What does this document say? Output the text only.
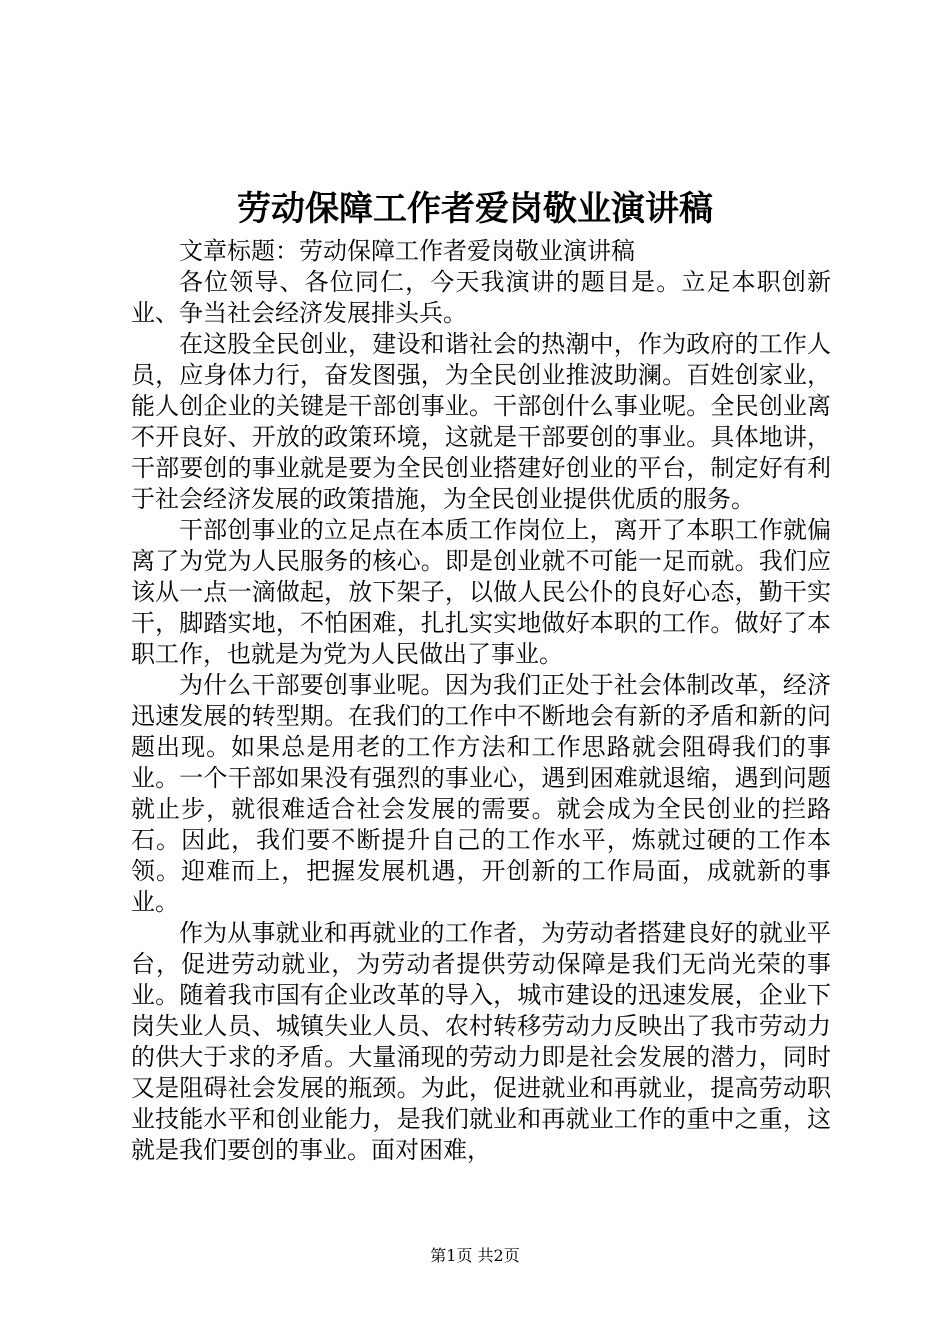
劳动保障工作者爱岗敬业演讲稿

文章标题：劳动保障工作者爱岗敬业演讲稿

各位领导、各位同仁，今天我演讲的题目是。立足本职创新业、争当社会经济发展排头兵。

在这股全民创业，建设和谐社会的热潮中，作为政府的工作人员，应身体力行，奋发图强，为全民创业推波助澜。百姓创家业，能人创企业的关键是干部创事业。干部创什么事业呢。全民创业离不开良好、开放的政策环境，这就是干部要创的事业。具体地讲，干部要创的事业就是要为全民创业搭建好创业的平台，制定好有利于社会经济发展的政策措施，为全民创业提供优质的服务。

干部创事业的立足点在本质工作岗位上，离开了本职工作就偏离了为党为人民服务的核心。即是创业就不可能一足而就。我们应该从一点一滴做起，放下架子，以做人民公仆的良好心态，勤干实干，脚踏实地，不怕困难，扎扎实实地做好本职的工作。做好了本职工作，也就是为党为人民做出了事业。

为什么干部要创事业呢。因为我们正处于社会体制改革，经济迅速发展的转型期。在我们的工作中不断地会有新的矛盾和新的问题出现。如果总是用老的工作方法和工作思路就会阻碍我们的事业。一个干部如果没有强烈的事业心，遇到困难就退缩，遇到问题就止步，就很难适合社会发展的需要。就会成为全民创业的拦路石。因此，我们要不断提升自己的工作水平，炼就过硬的工作本领。迎难而上，把握发展机遇，开创新的工作局面，成就新的事业。

作为从事就业和再就业的工作者，为劳动者搭建良好的就业平台，促进劳动就业，为劳动者提供劳动保障是我们无尚光荣的事业。随着我市国有企业改革的导入，城市建设的迅速发展，企业下岗失业人员、城镇失业人员、农村转移劳动力反映出了我市劳动力的供大于求的矛盾。大量涌现的劳动力即是社会发展的潜力，同时又是阻碍社会发展的瓶颈。为此，促进就业和再就业，提高劳动职业技能水平和创业能力，是我们就业和再就业工作的重中之重，这就是我们要创的事业。面对困难，

第1页 共2页
